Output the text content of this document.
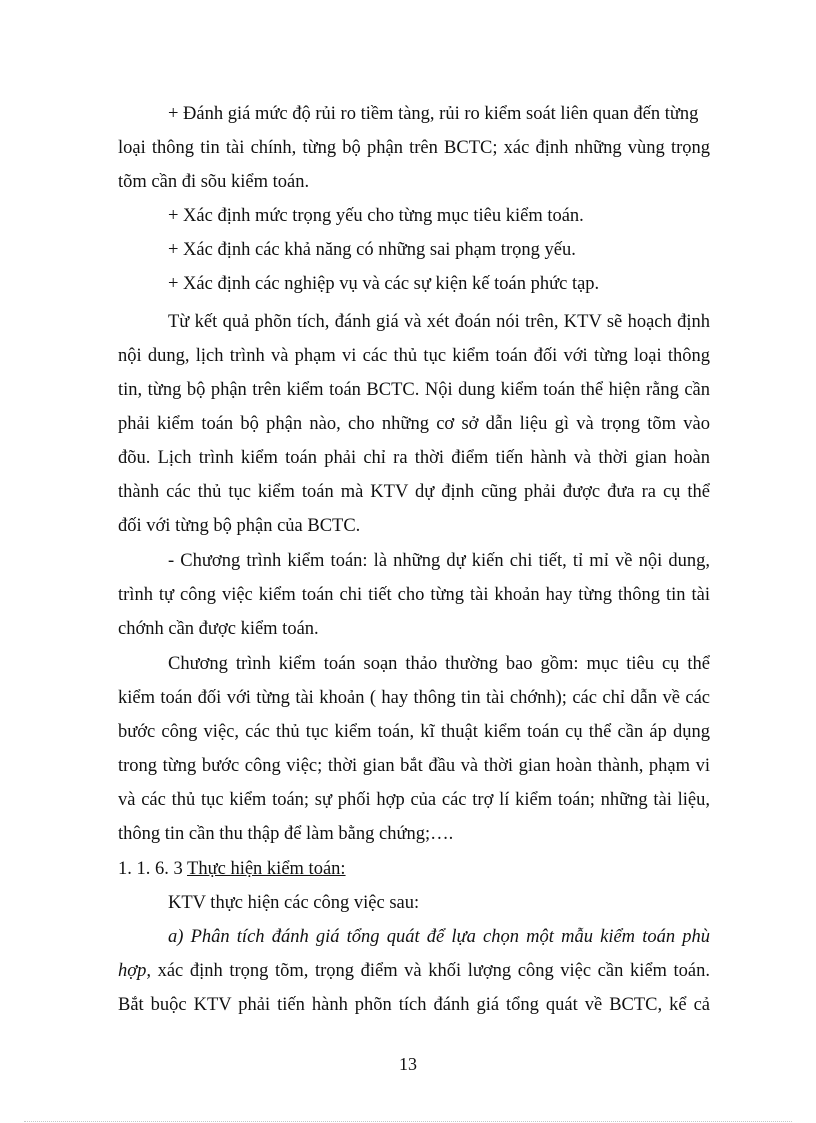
+ Đánh giá mức độ rủi ro tiềm tàng, rủi ro kiểm soát liên quan đến từng
loại thông tin tài chính, từng bộ phận trên BCTC; xác định những vùng trọng
tõm cần đi sõu kiểm toán.
+ Xác định mức trọng yếu cho từng mục tiêu kiểm toán.
+ Xác định các khả năng có những sai phạm trọng yếu.
+ Xác định các nghiệp vụ và các sự kiện kế toán phức tạp.
Từ kết quả phõn tích, đánh giá và xét đoán nói trên, KTV sẽ hoạch định
nội dung, lịch trình và phạm vi các thủ tục kiểm toán đối với từng loại thông
tin, từng bộ phận trên kiểm toán BCTC. Nội dung kiểm toán thể hiện rằng cần
phải kiểm toán bộ phận nào, cho những cơ sở dẫn liệu gì và trọng tõm vào
đõu. Lịch trình kiểm toán phải chỉ ra thời điểm tiến hành và thời gian hoàn
thành các thủ tục kiểm toán mà KTV dự định cũng phải được đưa ra cụ thể
đối với từng bộ phận của BCTC.
- Chương trình kiểm toán: là những dự kiến chi tiết, tỉ mỉ về nội dung,
trình tự công việc kiểm toán chi tiết cho từng tài khoản hay từng thông tin tài
chớnh cần được kiểm toán.
Chương trình kiểm toán soạn thảo thường bao gồm: mục tiêu cụ thể
kiểm toán đối với từng tài khoản ( hay thông tin tài chớnh); các chỉ dẫn về các
bước công việc, các thủ tục kiểm toán, kĩ thuật kiểm toán cụ thể cần áp dụng
trong từng bước công việc; thời gian bắt đầu và thời gian hoàn thành, phạm vi
và các thủ tục kiểm toán; sự phối hợp của các trợ lí kiểm toán; những tài liệu,
thông tin cần thu thập để làm bằng chứng;….
1. 1. 6. 3 Thực hiện kiểm toán:
KTV thực hiện các công việc sau:
a) Phân tích đánh giá tổng quát để lựa chọn một mẫu kiểm toán phù
hợp, xác định trọng tõm, trọng điểm và khối lượng công việc cần kiểm toán.
Bắt buộc KTV phải tiến hành phõn tích đánh giá tổng quát về BCTC, kể cả
13
